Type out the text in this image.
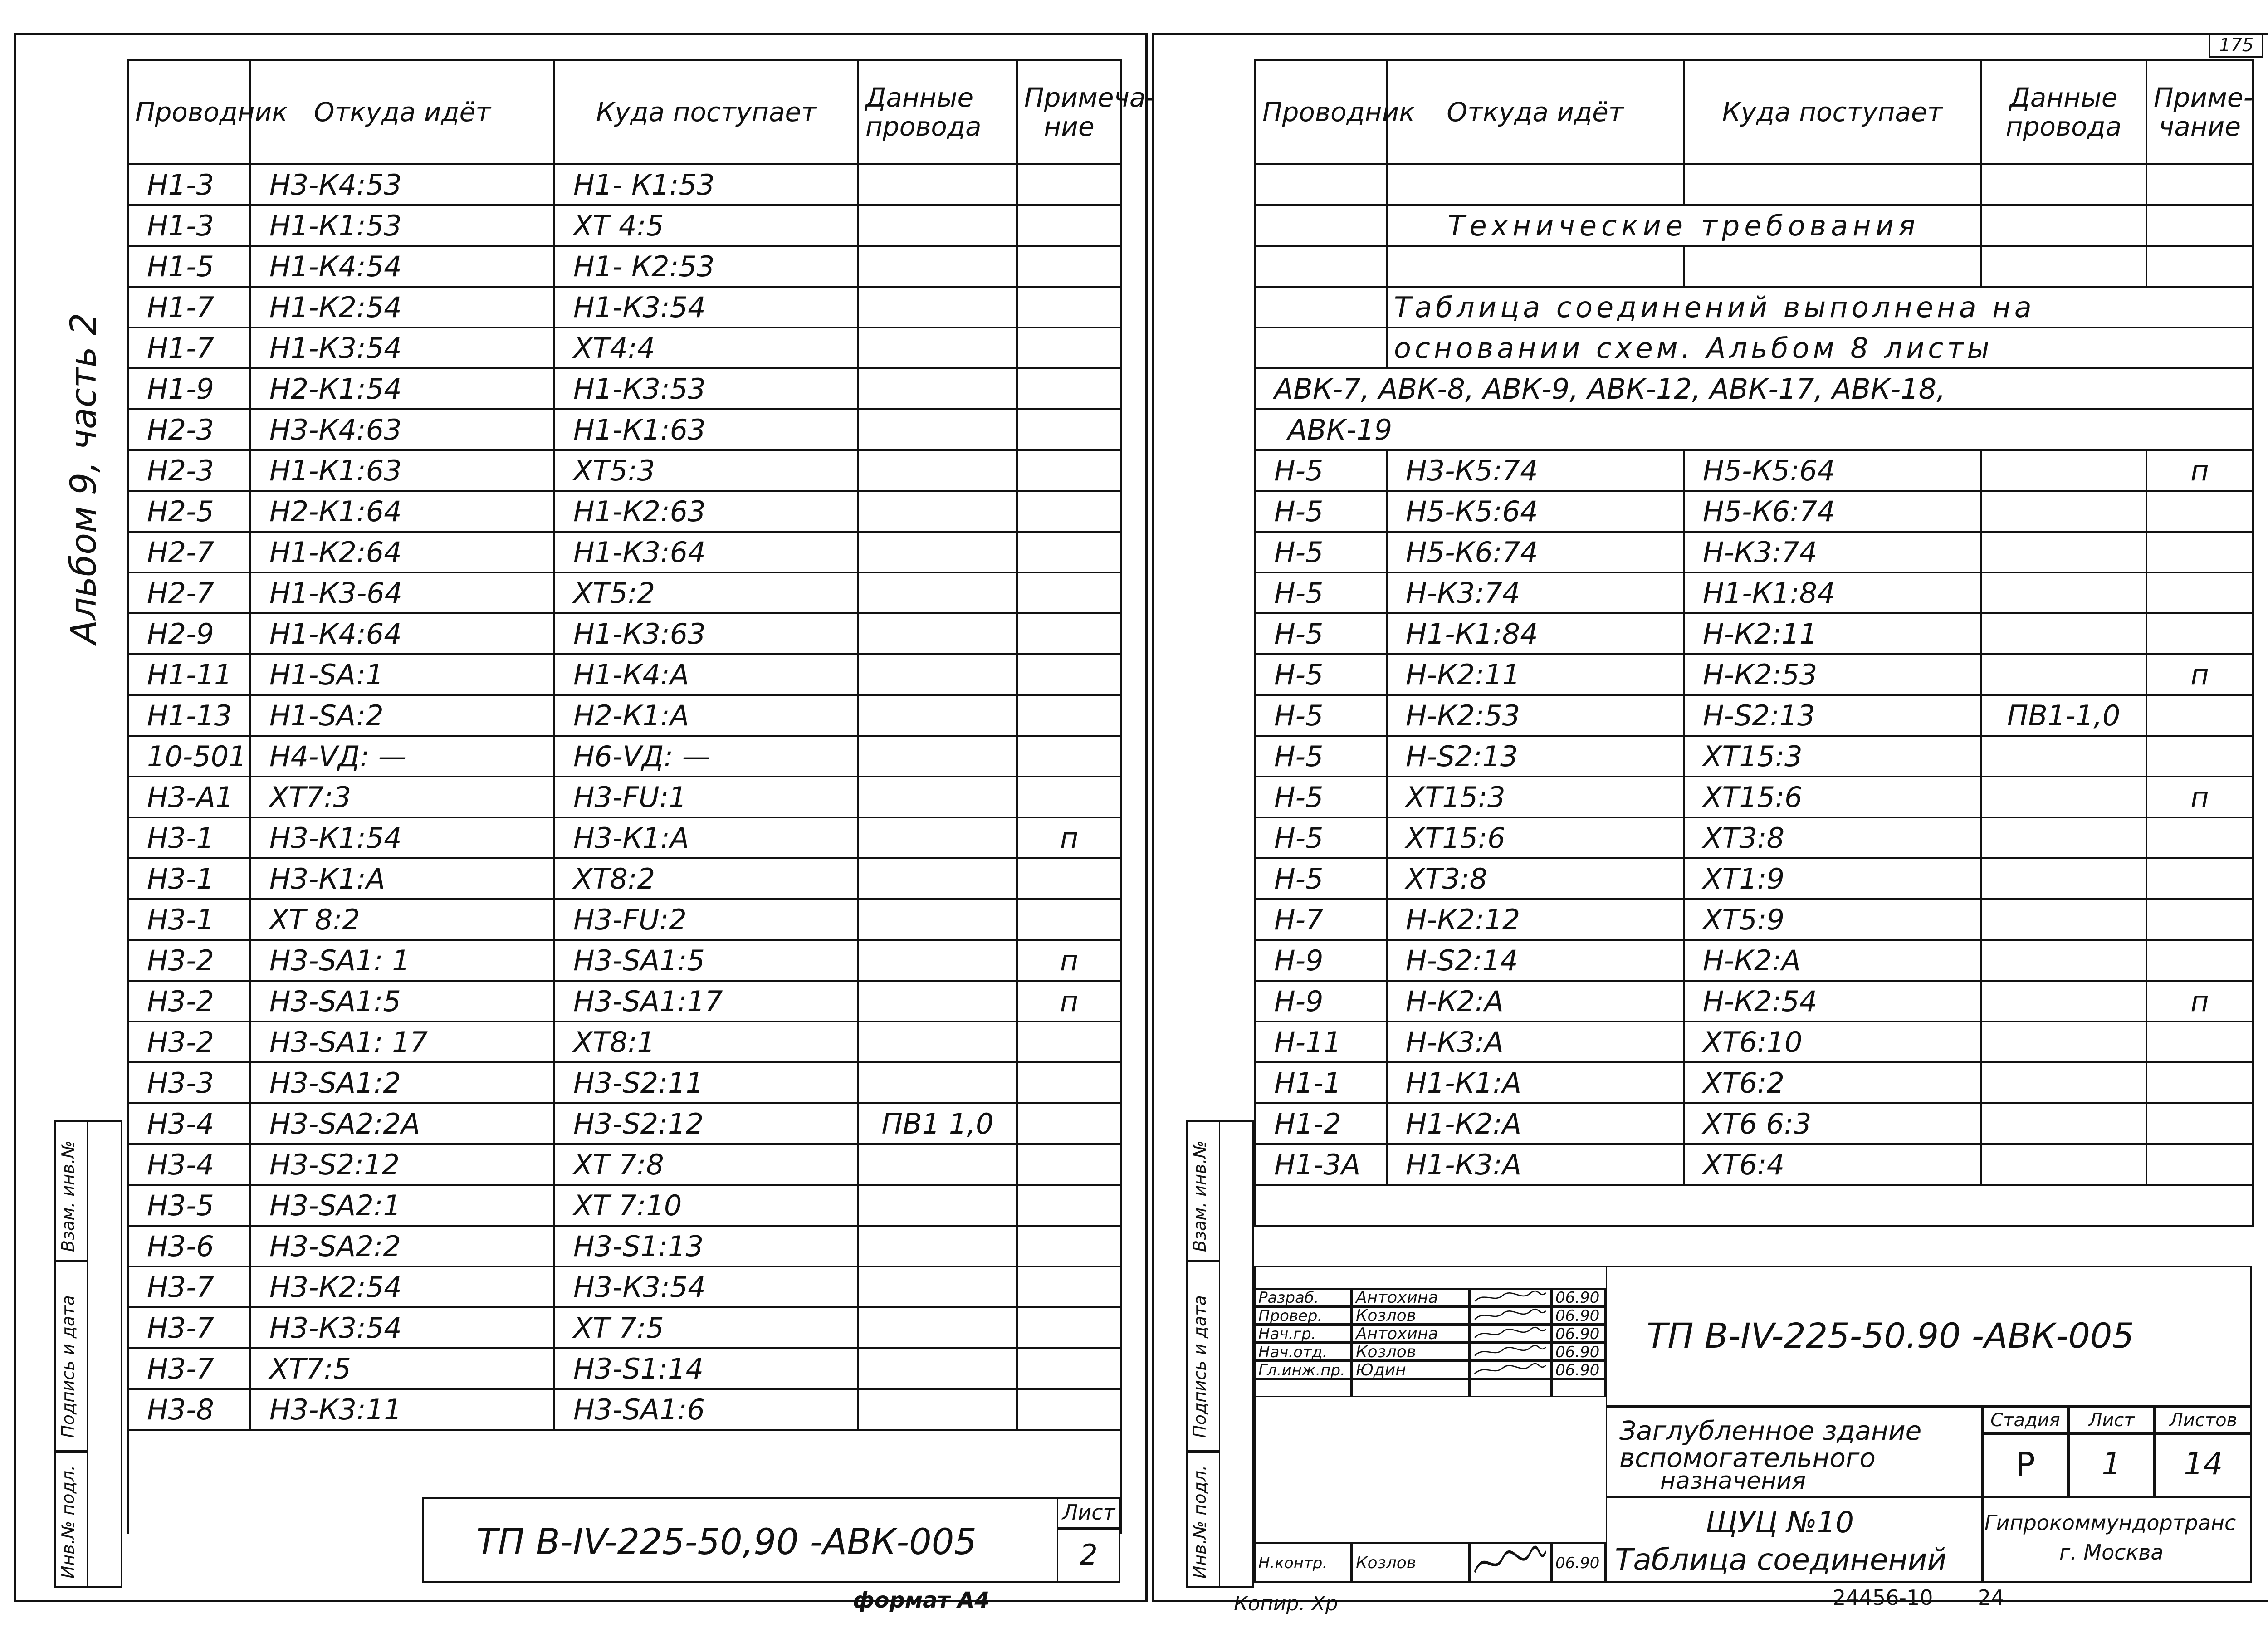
Альбом 9, часть 2
Проводник	Откуда идёт	Куда поступает	Данные провода	Примеча-ние
Н1-3	Н3-К4:53	Н1- К1:53		
Н1-3	Н1-К1:53	ХТ 4:5		
Н1-5	Н1-К4:54	Н1- К2:53		
Н1-7	Н1-К2:54	Н1-К3:54		
Н1-7	Н1-К3:54	ХТ4:4		
Н1-9	Н2-К1:54	Н1-К3:53		
Н2-3	Н3-К4:63	Н1-К1:63		
Н2-3	Н1-К1:63	ХТ5:3		
Н2-5	Н2-К1:64	Н1-К2:63		
Н2-7	Н1-К2:64	Н1-К3:64		
Н2-7	Н1-К3-64	ХТ5:2		
Н2-9	Н1-К4:64	Н1-К3:63		
Н1-11	Н1-SA:1	Н1-К4:А		
Н1-13	Н1-SA:2	Н2-К1:А		
10-501	Н4-VД: —	Н6-VД: —		
Н3-А1	ХТ7:3	Н3-FU:1		
Н3-1	Н3-К1:54	Н3-К1:А		п
Н3-1	Н3-К1:А	ХТ8:2		
Н3-1	ХТ 8:2	Н3-FU:2		
Н3-2	Н3-SA1: 1	Н3-SA1:5		п
Н3-2	Н3-SA1:5	Н3-SA1:17		п
Н3-2	Н3-SA1: 17	ХТ8:1		
Н3-3	Н3-SA1:2	Н3-S2:11		
Н3-4	Н3-SA2:2А	Н3-S2:12	ПВ1 1,0	
Н3-4	Н3-S2:12	ХТ 7:8		
Н3-5	Н3-SA2:1	ХТ 7:10		
Н3-6	Н3-SA2:2	Н3-S1:13		
Н3-7	Н3-К2:54	Н3-К3:54		
Н3-7	Н3-К3:54	ХТ 7:5		
Н3-7	ХТ7:5	Н3-S1:14		
Н3-8	Н3-К3:11	Н3-SA1:6		

ТП В-IV-225-50,90 -АВК-005
Лист
2
формат А4
Инв.№ подл.
Подпись и дата
Взам. инв.№
175
Проводник	Откуда идёт	Куда поступает	Данные провода	Приме-чание

	Технические требования			

	Таблица соединений выполнена на			
	основании схем. Альбом 8 листы			
АВК-7, АВК-8, АВК-9, АВК-12, АВК-17, АВК-18,				
АВК-19				
Н-5	Н3-К5:74	Н5-К5:64		п
Н-5	Н5-К5:64	Н5-К6:74		
Н-5	Н5-К6:74	Н-К3:74		
Н-5	Н-К3:74	Н1-К1:84		
Н-5	Н1-К1:84	Н-К2:11		
Н-5	Н-К2:11	Н-К2:53		п
Н-5	Н-К2:53	Н-S2:13	ПВ1-1,0	
Н-5	Н-S2:13	ХТ15:3		
Н-5	ХТ15:3	ХТ15:6		п
Н-5	ХТ15:6	ХТ3:8		
Н-5	ХТ3:8	ХТ1:9		
Н-7	Н-К2:12	ХТ5:9		
Н-9	Н-S2:14	Н-К2:А		
Н-9	Н-К2:А	Н-К2:54		п
Н-11	Н-К3:А	ХТ6:10		
Н1-1	Н1-К1:А	ХТ6:2		
Н1-2	Н1-К2:А	ХТ6 6:3		
Н1-3А	Н1-К3:А	ХТ6:4		

Разраб.	Антохина	06.90
Провер.	Козлов	06.90
Нач.гр.	Антохина	06.90
Нач.отд.	Козлов	06.90
Гл.инж.пр. Юдин	06.90
Н.контр.	Козлов	06.90
ТП В-IV-225-50.90 -АВК-005
Заглубленное здание
вспомогательного
назначения
Стадия	Лист	Листов
Р	1	14
ЩУЦ №10
Таблица соединений
Гипрокоммундортранс
г. Москва
Инв.№ подл.
Подпись и дата
Взам. инв.№
Копир. Хр	24456-10 24
